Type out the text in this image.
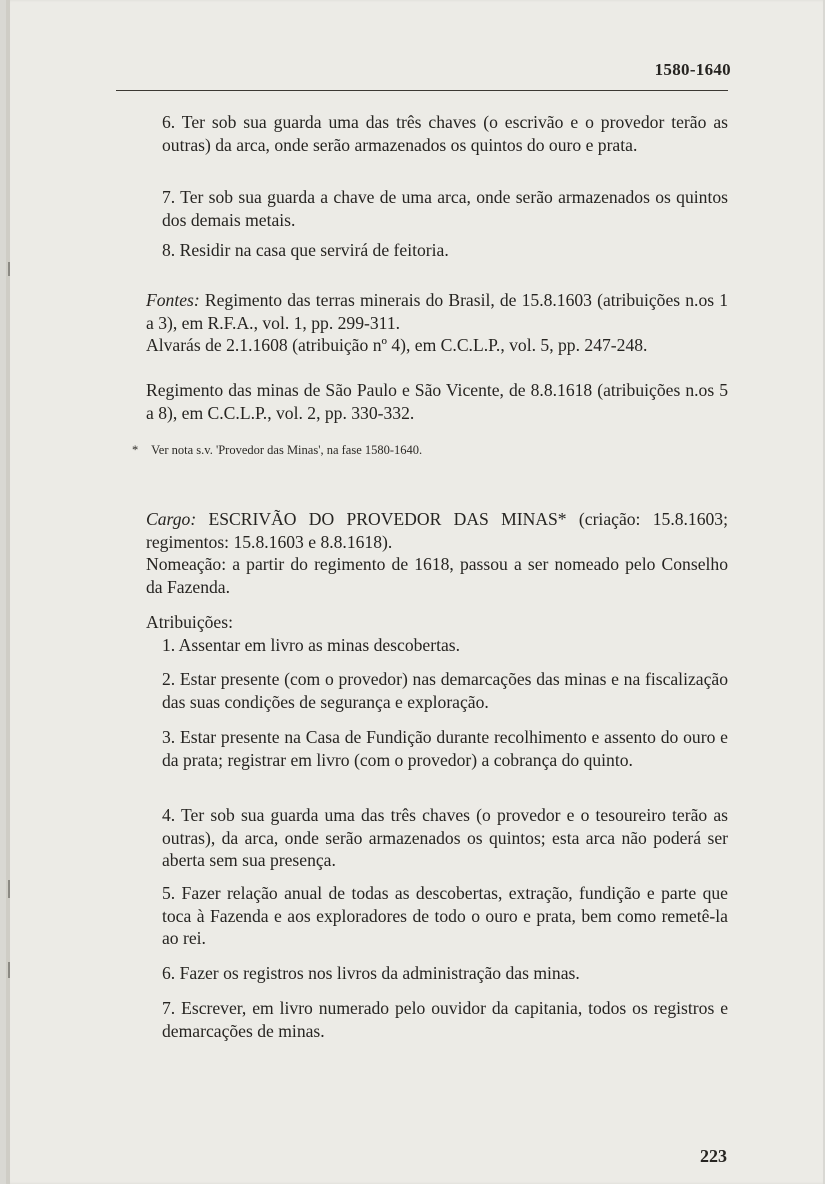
1580-1640
6. Ter sob sua guarda uma das três chaves (o escrivão e o provedor terão as outras) da arca, onde serão armazenados os quintos do ouro e prata.
7. Ter sob sua guarda a chave de uma arca, onde serão armazenados os quintos dos demais metais.
8. Residir na casa que servirá de feitoria.
Fontes: Regimento das terras minerais do Brasil, de 15.8.1603 (atribuições n.os 1 a 3), em R.F.A., vol. 1, pp. 299-311.
Alvarás de 2.1.1608 (atribuição nº 4), em C.C.L.P., vol. 5, pp. 247-248.
Regimento das minas de São Paulo e São Vicente, de 8.8.1618 (atribuições n.os 5 a 8), em C.C.L.P., vol. 2, pp. 330-332.
* Ver nota s.v. 'Provedor das Minas', na fase 1580-1640.
Cargo: ESCRIVÃO DO PROVEDOR DAS MINAS* (criação: 15.8.1603; regimentos: 15.8.1603 e 8.8.1618).
Nomeação: a partir do regimento de 1618, passou a ser nomeado pelo Conselho da Fazenda.
Atribuições:
1. Assentar em livro as minas descobertas.
2. Estar presente (com o provedor) nas demarcações das minas e na fiscalização das suas condições de segurança e exploração.
3. Estar presente na Casa de Fundição durante recolhimento e assento do ouro e da prata; registrar em livro (com o provedor) a cobrança do quinto.
4. Ter sob sua guarda uma das três chaves (o provedor e o tesoureiro terão as outras), da arca, onde serão armazenados os quintos; esta arca não poderá ser aberta sem sua presença.
5. Fazer relação anual de todas as descobertas, extração, fundição e parte que toca à Fazenda e aos exploradores de todo o ouro e prata, bem como remetê-la ao rei.
6. Fazer os registros nos livros da administração das minas.
7. Escrever, em livro numerado pelo ouvidor da capitania, todos os registros e demarcações de minas.
223
